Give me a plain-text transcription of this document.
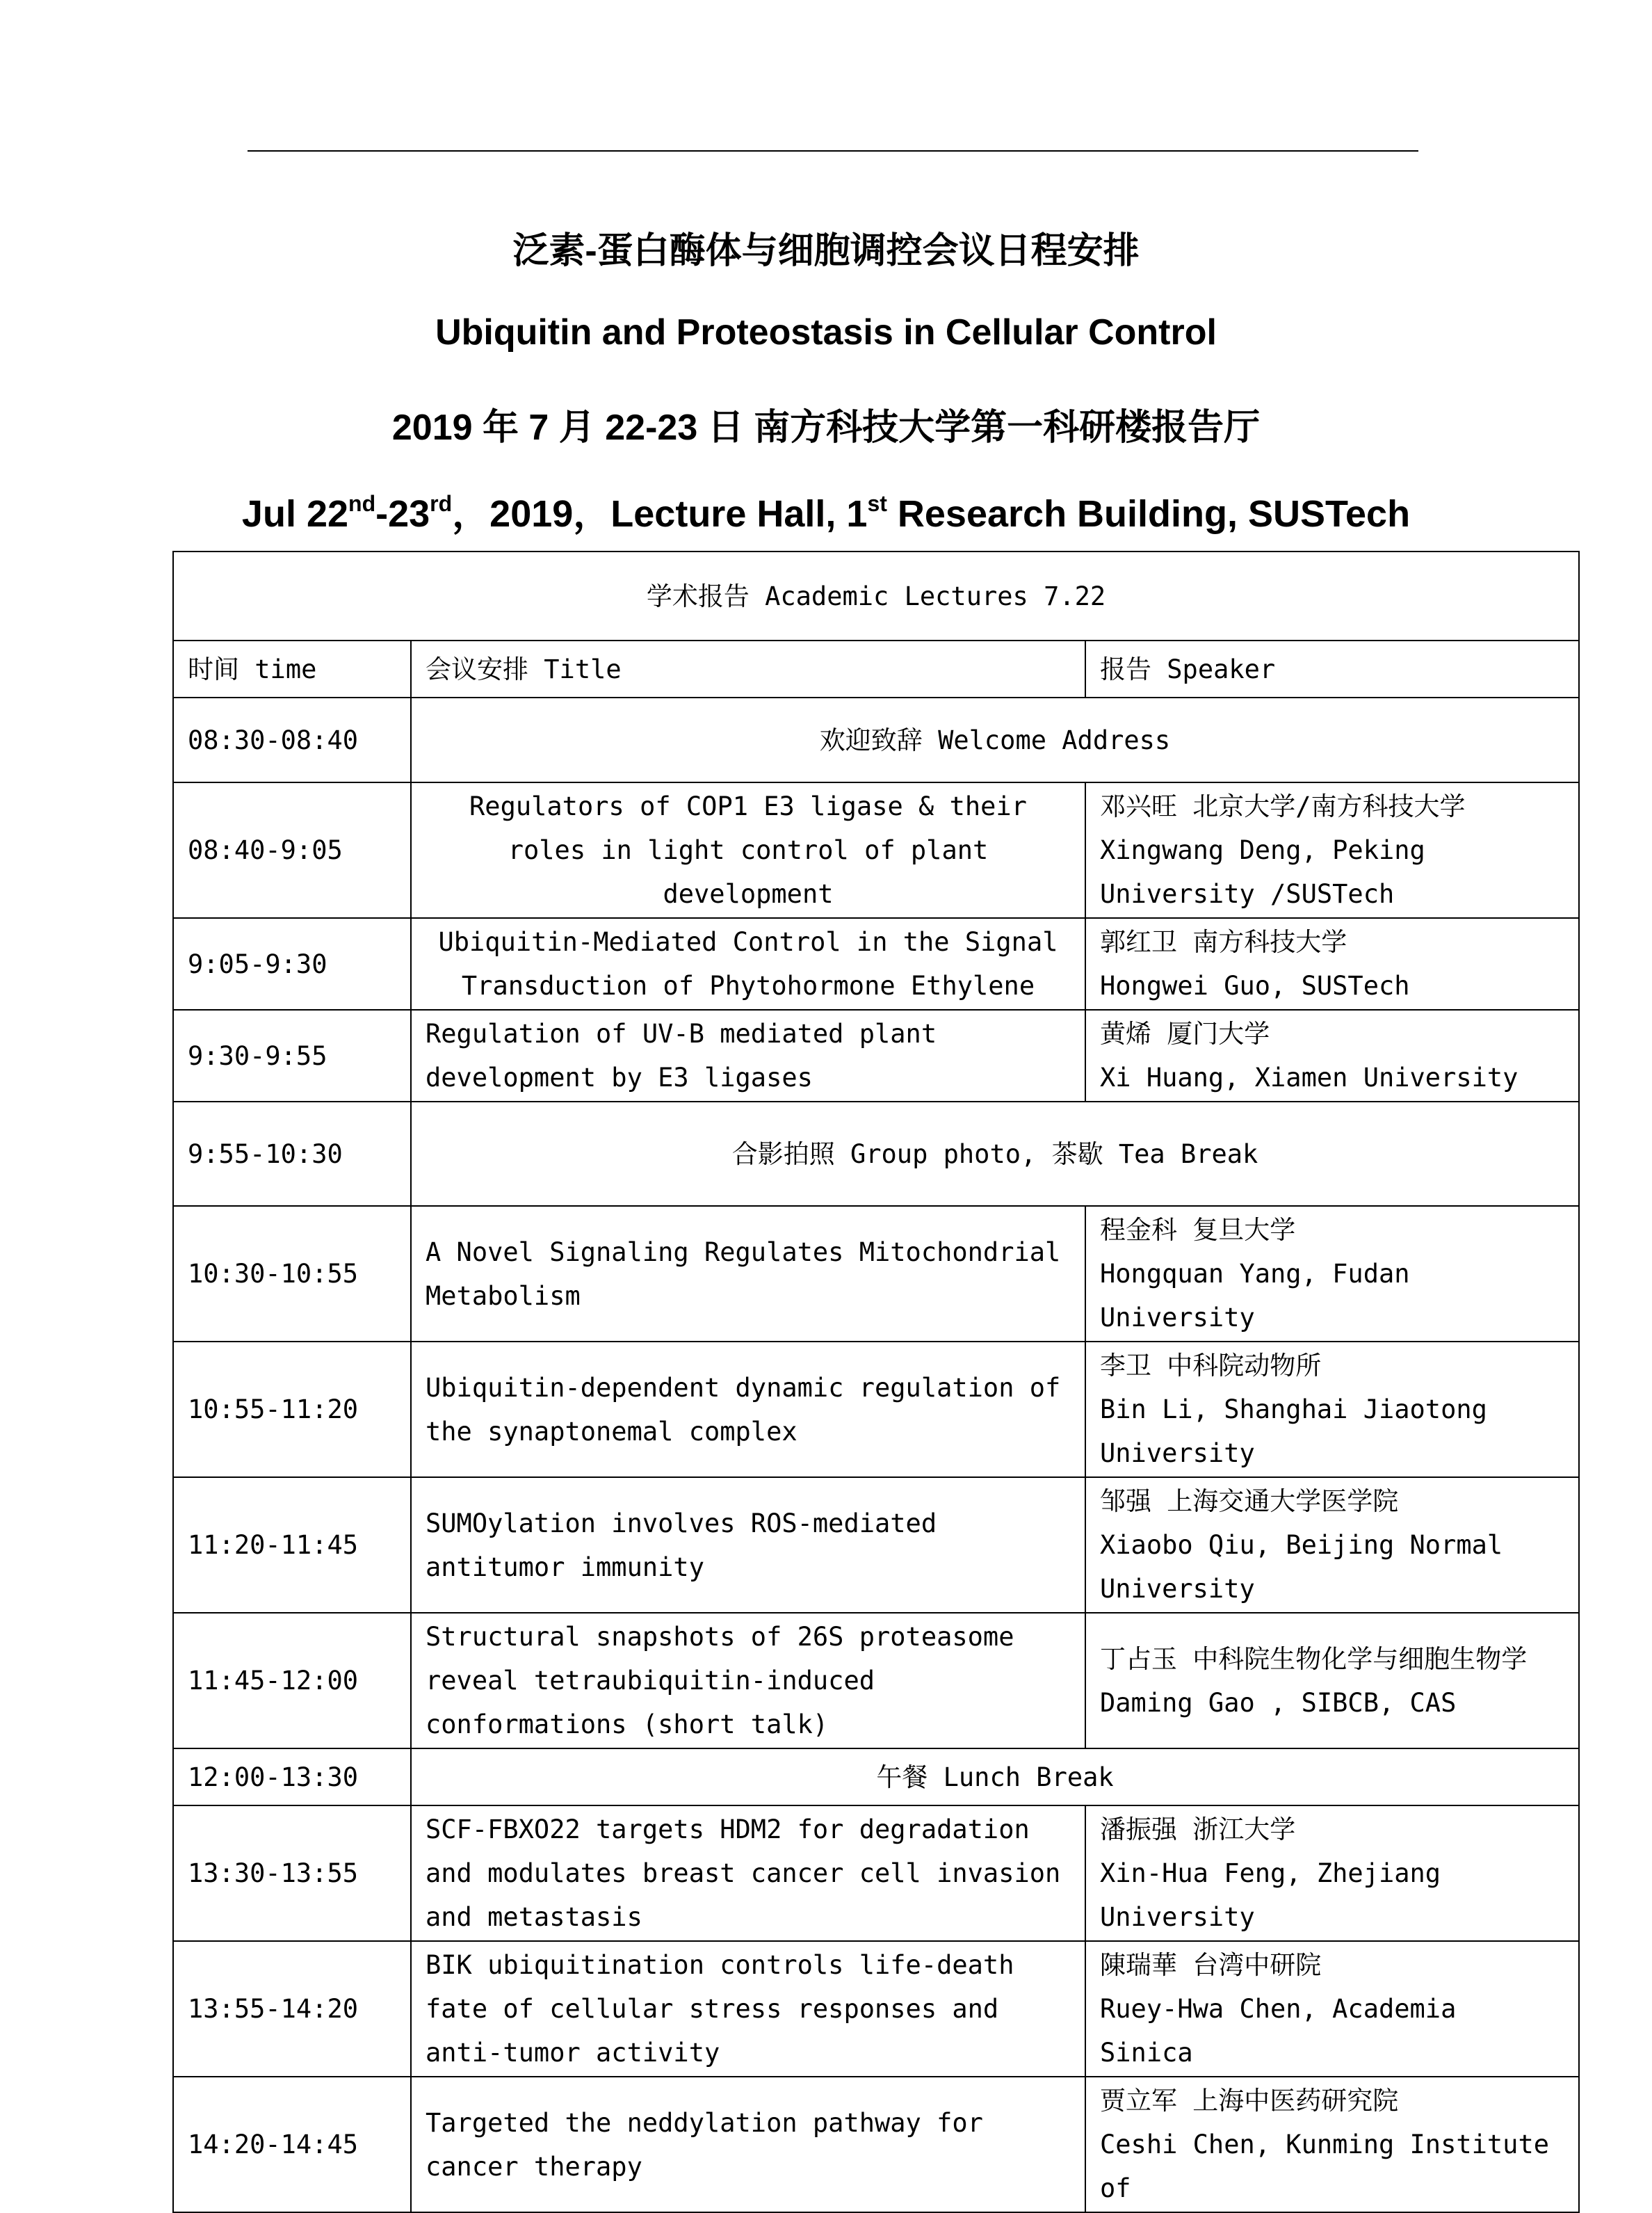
泛素-蛋白酶体与细胞调控会议日程安排
Ubiquitin and Proteostasis in Cellular Control
2019 年 7 月 22-23 日 南方科技大学第一科研楼报告厅
Jul 22nd-23rd，2019，Lecture Hall, 1st Research Building, SUSTech
学术报告 Academic Lectures 7.22		
时间 time	会议安排 Title	报告 Speaker
08:30-08:40	欢迎致辞 Welcome Address	
08:40-9:05	Regulators of COP1 E3 ligase & their roles in light control of plant development	邓兴旺 北京大学/南方科技大学
Xingwang Deng, Peking University /SUSTech

9:05-9:30	Ubiquitin-Mediated Control in the Signal Transduction of Phytohormone Ethylene	郭红卫 南方科技大学
Hongwei Guo, SUSTech

9:30-9:55	Regulation of UV-B mediated plant development by E3 ligases	黄烯 厦门大学
Xi Huang, Xiamen University

9:55-10:30	合影拍照 Group photo, 茶歇 Tea Break	
10:30-10:55	A Novel Signaling Regulates Mitochondrial Metabolism	程金科 复旦大学
Hongquan Yang, Fudan University

10:55-11:20	Ubiquitin-dependent dynamic regulation of the synaptonemal complex	李卫 中科院动物所
Bin Li, Shanghai Jiaotong University

11:20-11:45	SUMOylation involves ROS-mediated antitumor immunity	邹强 上海交通大学医学院
Xiaobo Qiu, Beijing Normal University

11:45-12:00	Structural snapshots of 26S proteasome reveal tetraubiquitin-induced conformations (short talk)	丁占玉 中科院生物化学与细胞生物学
Daming Gao , SIBCB, CAS

12:00-13:30	午餐 Lunch Break	
13:30-13:55	SCF-FBXO22 targets HDM2 for degradation and modulates breast cancer cell invasion and metastasis	潘振强 浙江大学
Xin-Hua Feng, Zhejiang University

13:55-14:20	BIK ubiquitination controls life-death fate of cellular stress responses and anti-tumor activity	陳瑞華 台湾中研院
Ruey-Hwa Chen, Academia Sinica

14:20-14:45	Targeted the neddylation pathway for cancer therapy	贾立军 上海中医药研究院
Ceshi Chen, Kunming Institute of
